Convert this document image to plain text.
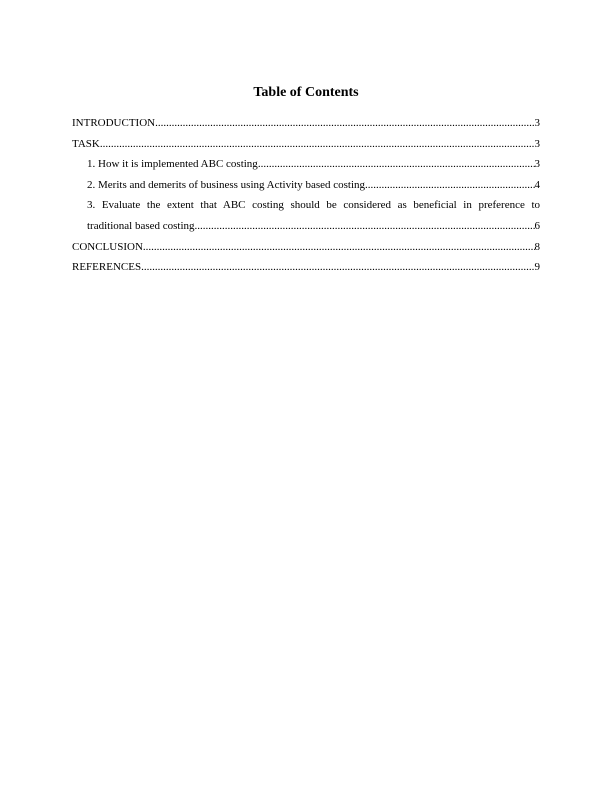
Table of Contents
INTRODUCTION .....	3
TASK .....	3
1. How it is implemented ABC costing .....	3
2. Merits and demerits of business using Activity based costing .....	4
3. Evaluate the extent that ABC costing should be considered as beneficial in preference to
traditional based costing .....	6
CONCLUSION .....	8
REFERENCES .....	9
